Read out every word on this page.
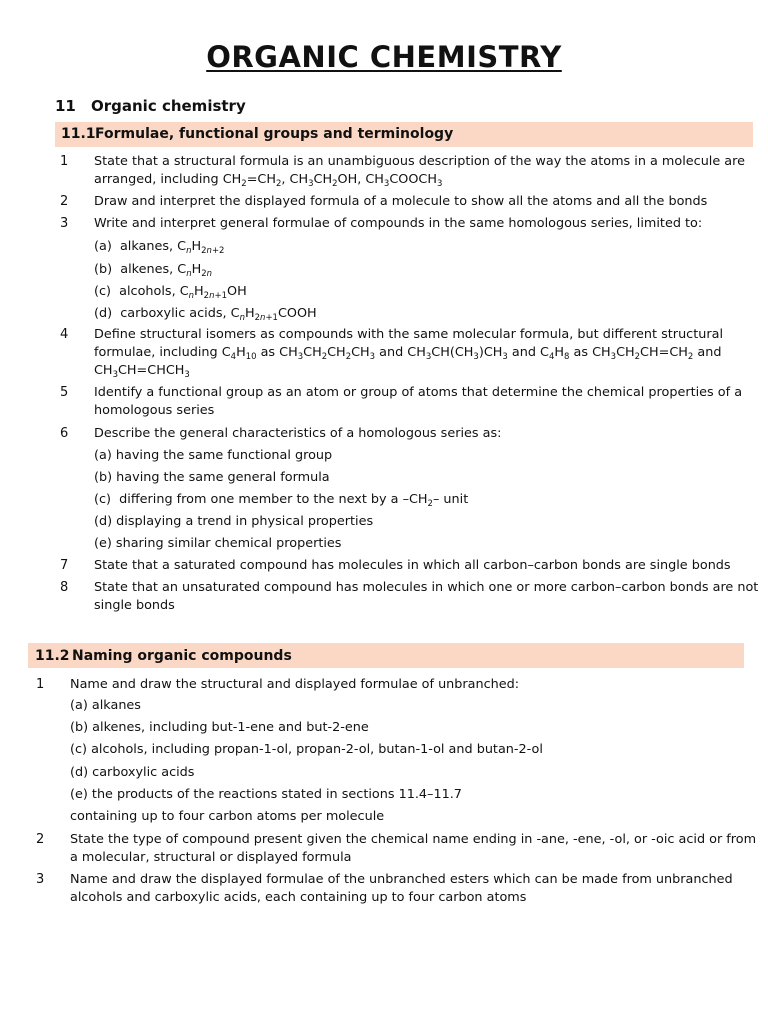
ORGANIC CHEMISTRY
11 Organic chemistry
11.1Formulae, functional groups and terminology
1 State that a structural formula is an unambiguous description of the way the atoms in a molecule are
arranged, including $CH_2=CH_2$, $CH_3CH_2OH$, $CH_3COOCH_3$
2 Draw and interpret the displayed formula of a molecule to show all the atoms and all the bonds
3 Write and interpret general formulae of compounds in the same homologous series, limited to:
(a)  alkanes, $C_nH_{2n+2}$
(b)  alkenes, $C_nH_{2n}$
(c)  alcohols, $C_nH_{2n+1}OH$
(d)  carboxylic acids, $C_nH_{2n+1}COOH$
4 Define structural isomers as compounds with the same molecular formula, but different structural
formulae, including $C_4H_{10}$ as $CH_3CH_2CH_2CH_3$ and $CH_3CH(CH_3)CH_3$ and $C_4H_8$ as $CH_3CH_2CH=CH_2$ and
$CH_3CH=CHCH_3$
5 Identify a functional group as an atom or group of atoms that determine the chemical properties of a
homologous series
6 Describe the general characteristics of a homologous series as:
(a) having the same functional group
(b) having the same general formula
(c)  differing from one member to the next by a $-CH_2-$ unit
(d) displaying a trend in physical properties
(e) sharing similar chemical properties
7 State that a saturated compound has molecules in which all carbon–carbon bonds are single bonds
8 State that an unsaturated compound has molecules in which one or more carbon–carbon bonds are not
single bonds
11.2 Naming organic compounds
1 Name and draw the structural and displayed formulae of unbranched:
(a) alkanes
(b) alkenes, including but-1-ene and but-2-ene
(c) alcohols, including propan-1-ol, propan-2-ol, butan-1-ol and butan-2-ol
(d) carboxylic acids
(e) the products of the reactions stated in sections 11.4–11.7
containing up to four carbon atoms per molecule
2 State the type of compound present given the chemical name ending in -ane, -ene, -ol, or -oic acid or from
a molecular, structural or displayed formula
3 Name and draw the displayed formulae of the unbranched esters which can be made from unbranched
alcohols and carboxylic acids, each containing up to four carbon atoms
